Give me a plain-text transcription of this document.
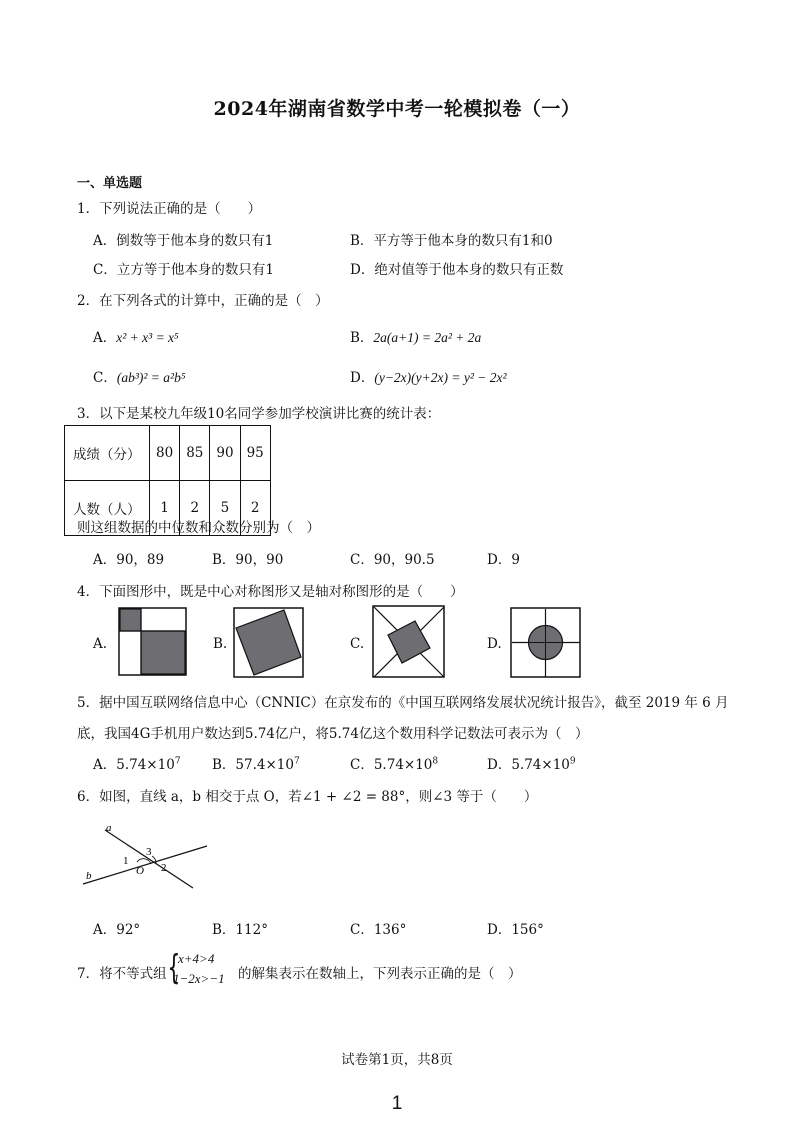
2024年湖南省数学中考一轮模拟卷（一）
一、单选题
1．下列说法正确的是（　　）
A．倒数等于他本身的数只有1	B．平方等于他本身的数只有1和0
C．立方等于他本身的数只有1	D．绝对值等于他本身的数只有正数
2．在下列各式的计算中，正确的是（　）
A．x² + x³ = x⁵	B．2a(a+1) = 2a² + 2a
C．(ab³)² = a²b⁵	D．(y−2x)(y+2x) = y² − 2x²
3．以下是某校九年级10名同学参加学校演讲比赛的统计表：
成绩（分）	80	85	90	95
人数（人）	1	2	5	2
则这组数据的中位数和众数分别为（　）
A．90，89	B．90，90	C．90，90.5	D．9
4．下面图形中，既是中心对称图形又是轴对称图形的是（　　）
A.	B.	C.	D.
5．据中国互联网络信息中心（CNNIC）在京发布的《中国互联网络发展状况统计报告》，截至 2019 年 6 月
底，我国4G手机用户数达到5.74亿户，将5.74亿这个数用科学记数法可表示为（　）
A．$5.74\times 10^7$ B．$57.4\times 10^7$	C．$5.74\times 10^8$	D．$5.74\times 10^9$
6．如图，直线 a，b 相交于点 O，若∠1 + ∠2 = 88°，则∠3 等于（　　）
a
b
1
2
3
O
A．92°	B．112°	C．136°	D．156°
7．将不等式组 {
x+4>4
1−2x>−1 的解集表示在数轴上，下列表示正确的是（　）
试卷第1页，共8页
1
